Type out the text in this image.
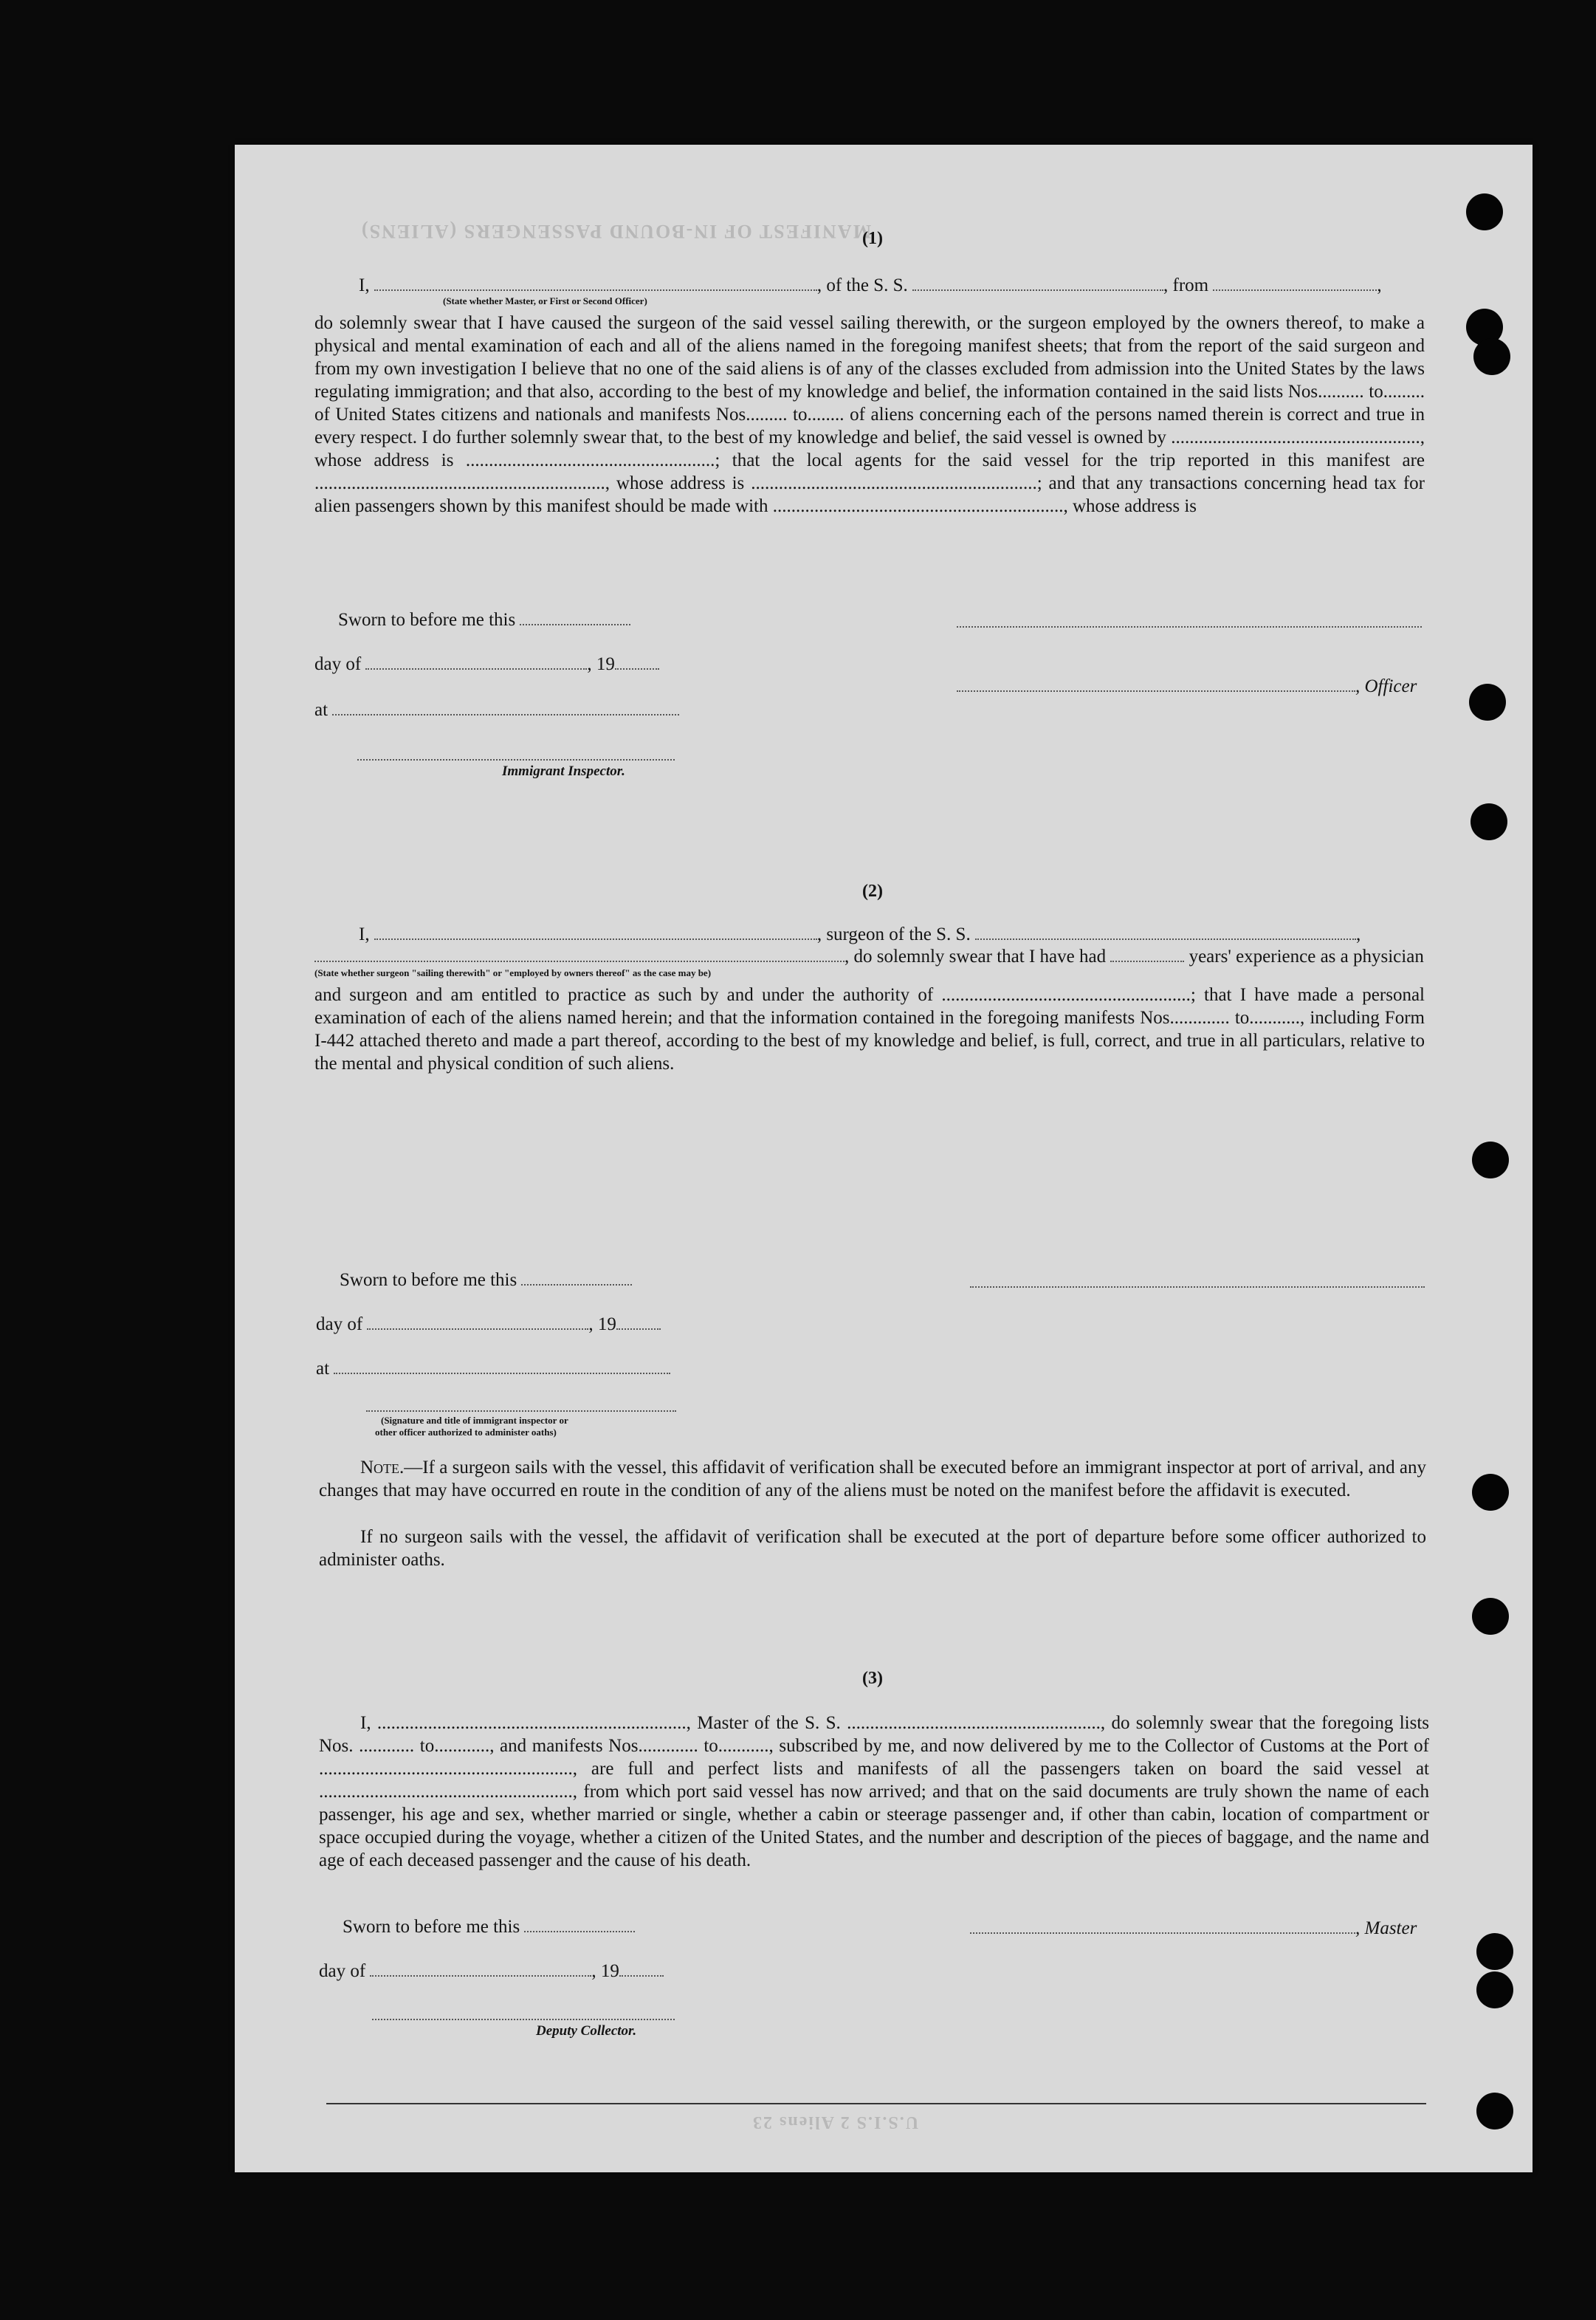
MANIFEST OF IN-BOUND PASSENGERS (ALIENS)
U.S.I.S 2 Aliens 23
(1)
I,	, of the S. S.	, from	,
(State whether Master, or First or Second Officer)
do solemnly swear that I have caused the surgeon of the said vessel sailing therewith, or the surgeon employed by the owners thereof, to make a physical and mental examination of each and all of the aliens named in the foregoing manifest sheets; that from the report of the said surgeon and from my own investigation I believe that no one of the said aliens is of any of the classes excluded from admission into the United States by the laws regulating immigration; and that also, according to the best of my knowledge and belief, the information contained in the said lists Nos.......... to......... of United States citizens and nationals and manifests Nos......... to........ of aliens concerning each of the persons named therein is correct and true in every respect. I do further solemnly swear that, to the best of my knowledge and belief, the said vessel is owned by ......................................................, whose address is ......................................................; that the local agents for the said vessel for the trip reported in this manifest are ..............................................................., whose address is ..............................................................; and that any transactions concerning head tax for alien passengers shown by this manifest should be made with ..............................................................., whose address is
Sworn to before me this
day of	, 19
, Officer
at
Immigrant Inspector.
(2)
I,	, surgeon of the S. S.	,
, do solemnly swear that I have had	years' experience as a physician
(State whether surgeon "sailing therewith" or "employed by owners thereof" as the case may be)
and surgeon and am entitled to practice as such by and under the authority of ......................................................; that I have made a personal examination of each of the aliens named herein; and that the information contained in the foregoing manifests Nos............. to..........., including Form I-442 attached thereto and made a part thereof, according to the best of my knowledge and belief, is full, correct, and true in all particulars, relative to the mental and physical condition of such aliens.
Sworn to before me this
day of	, 19
at
(Signature and title of immigrant inspector or
other officer authorized to administer oaths)
Note.—If a surgeon sails with the vessel, this affidavit of verification shall be executed before an immigrant inspector at port of arrival, and any changes that may have occurred en route in the condition of any of the aliens must be noted on the manifest before the affidavit is executed.
If no surgeon sails with the vessel, the affidavit of verification shall be executed at the port of departure before some officer authorized to administer oaths.
(3)
I, ..................................................................., Master of the S. S. ......................................................., do solemnly swear that the foregoing lists Nos. ............ to............, and manifests Nos............. to..........., subscribed by me, and now delivered by me to the Collector of Customs at the Port of ......................................................., are full and perfect lists and manifests of all the passengers taken on board the said vessel at ......................................................., from which port said vessel has now arrived; and that on the said documents are truly shown the name of each passenger, his age and sex, whether married or single, whether a cabin or steerage passenger and, if other than cabin, location of compartment or space occupied during the voyage, whether a citizen of the United States, and the number and description of the pieces of baggage, and the name and age of each deceased passenger and the cause of his death.
Sworn to before me this	, Master
day of	, 19
Deputy Collector.
